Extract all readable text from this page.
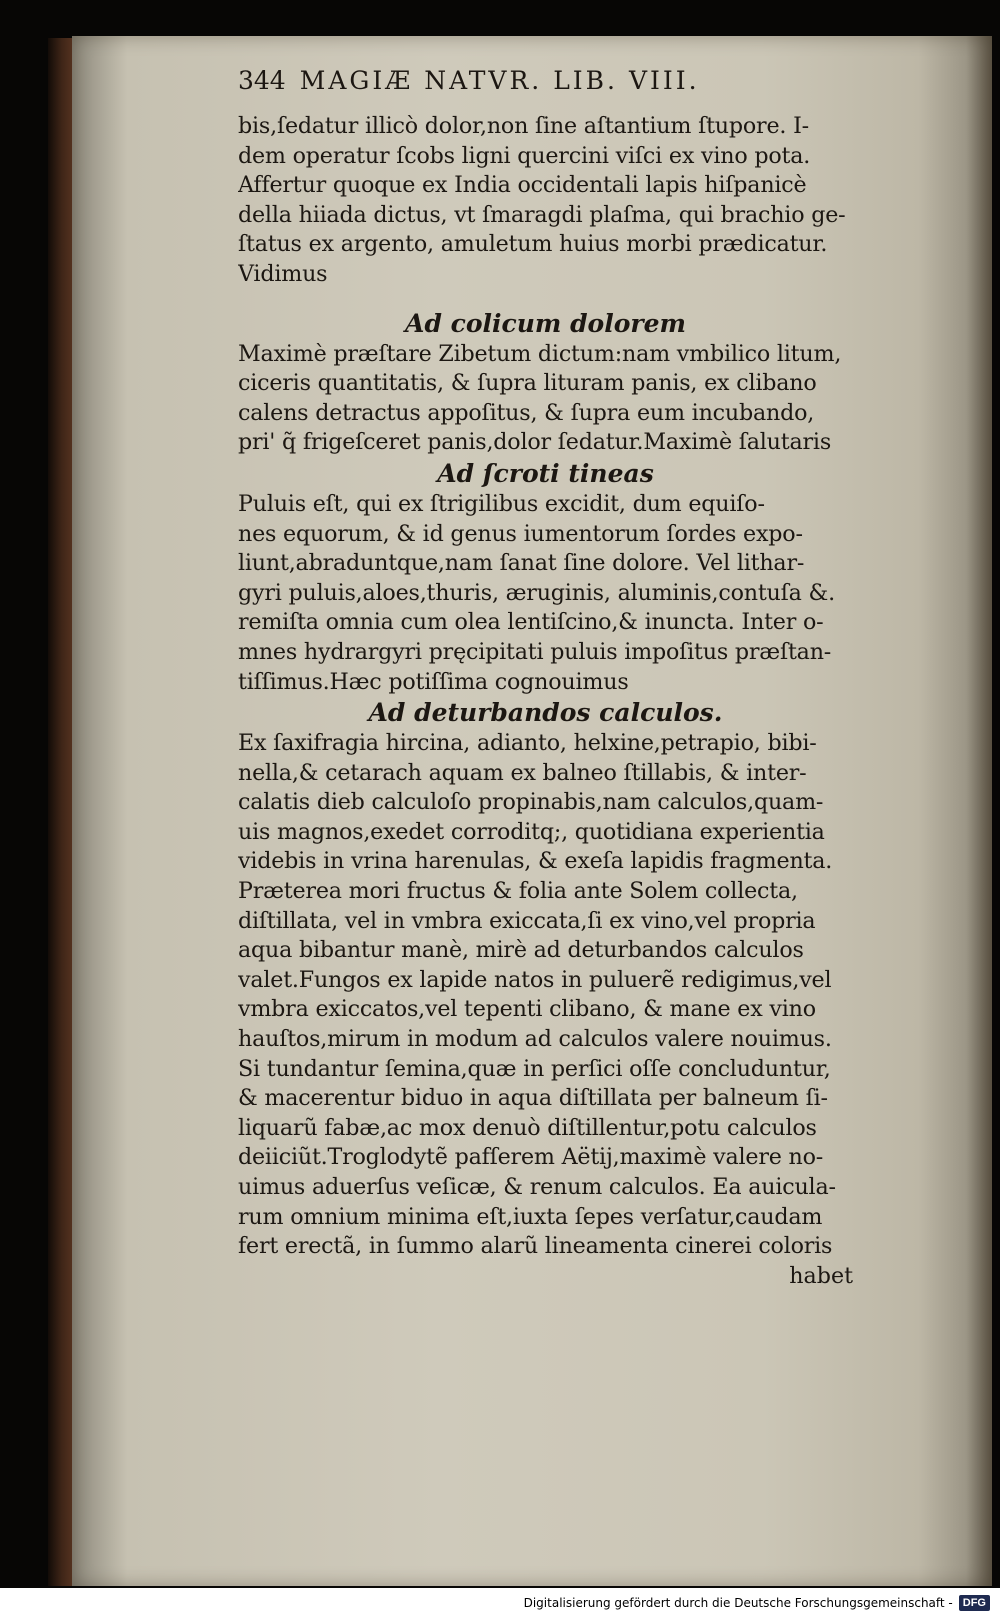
344 MAGIÆ NATVR. LIB. VIII.
bis,ſedatur illicò dolor,non ſine aſtantium ſtupore. I-
dem operatur ſcobs ligni quercini viſci ex vino pota.
Affertur quoque ex India occidentali lapis hiſpanicè
della hiiada dictus, vt ſmaragdi plaſma, qui brachio ge-
ſtatus ex argento, amuletum huius morbi prædicatur.
Vidimus
Ad colicum dolorem
Maximè præſtare Zibetum dictum:nam vmbilico litum,
ciceris quantitatis, & ſupra lituram panis, ex clibano
calens detractus appoſitus, & ſupra eum incubando,
pri' q̃ frigeſceret panis,dolor ſedatur.Maximè ſalutaris
Ad ſcroti tineas
Puluis eſt, qui ex ſtrigilibus excidit, dum equiſo-
nes equorum, & id genus iumentorum ſordes expo-
liunt,abraduntque,nam ſanat ſine dolore. Vel lithar-
gyri puluis,aloes,thuris, æruginis, aluminis,contuſa &.
remiſta omnia cum olea lentiſcino,& inuncta. Inter o-
mnes hydrargyri pręcipitati puluis impoſitus præſtan-
tiſſimus.Hæc potiſſima cognouimus
Ad deturbandos calculos.
Ex ſaxifragia hircina, adianto, helxine,petrapio, bibi-
nella,& cetarach aquam ex balneo ſtillabis, & inter-
calatis dieb calculoſo propinabis,nam calculos,quam-
uis magnos,exedet corroditq;, quotidiana experientia
videbis in vrina harenulas, & exeſa lapidis fragmenta.
Præterea mori fructus & folia ante Solem collecta,
diſtillata, vel in vmbra exiccata,ſi ex vino,vel propria
aqua bibantur manè, mirè ad deturbandos calculos
valet.Fungos ex lapide natos in puluerẽ redigimus,vel
vmbra exiccatos,vel tepenti clibano, & mane ex vino
hauſtos,mirum in modum ad calculos valere nouimus.
Si tundantur ſemina,quæ in perſici oſſe concluduntur,
& macerentur biduo in aqua diſtillata per balneum ſi-
liquarũ fabæ,ac mox denuò diſtillentur,potu calculos
deiiciũt.Troglodytẽ pafſerem Aëtij,maximè valere no-
uimus aduerſus veſicæ, & renum calculos. Ea auicula-
rum omnium minima eſt,iuxta ſepes verſatur,caudam
fert erectã, in ſummo alarũ lineamenta cinerei coloris
habet
Digitalisierung gefördert durch die Deutsche Forschungsgemeinschaft - DFG
